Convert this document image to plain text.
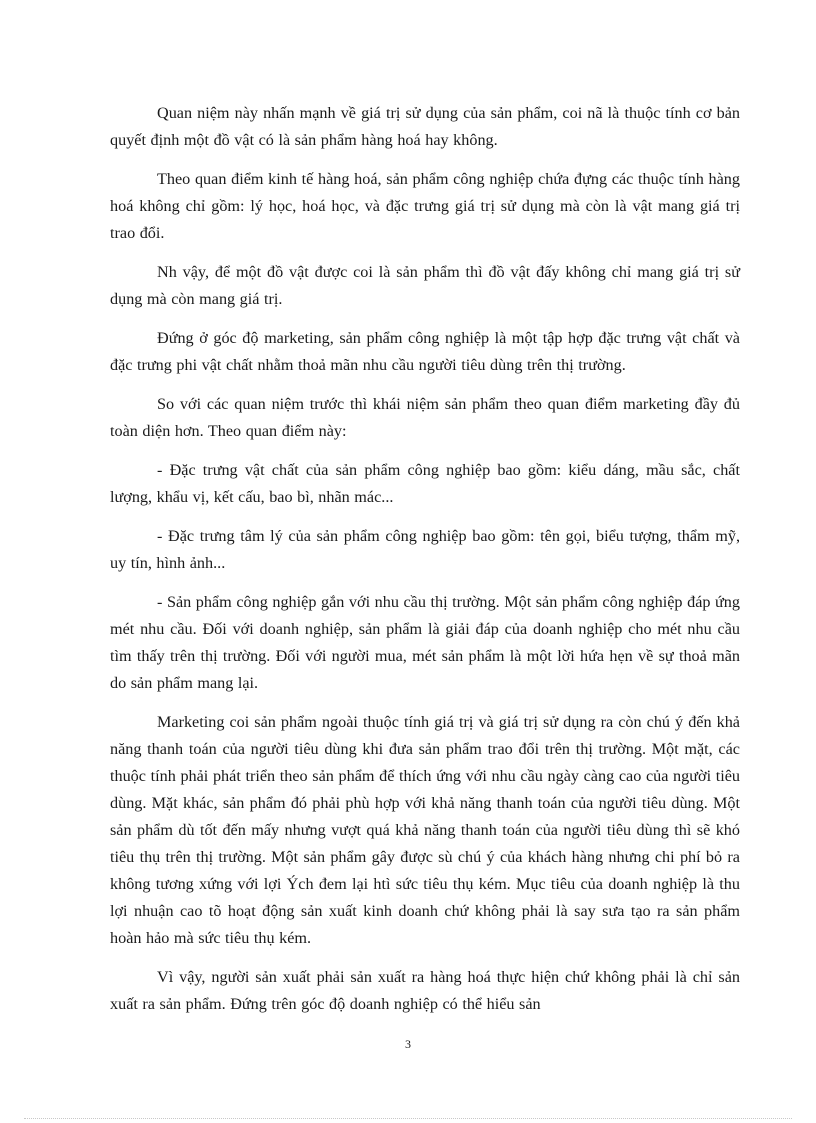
Quan niệm này nhấn mạnh về giá trị sử dụng của sản phẩm, coi nã là thuộc tính cơ bản quyết định một đồ vật có là sản phẩm hàng hoá hay không.

Theo quan điểm kinh tế hàng hoá, sản phẩm công nghiệp chứa đựng các thuộc tính hàng hoá không chỉ gồm: lý học, hoá học, và đặc trưng giá trị sử dụng mà còn là vật mang giá trị trao đổi.

Nh vậy, để một đồ vật được coi là sản phẩm thì đồ vật đấy không chỉ mang giá trị sử dụng mà còn mang giá trị.

Đứng ở góc độ marketing, sản phẩm công nghiệp là một tập hợp đặc trưng vật chất và đặc trưng phi vật chất nhằm thoả mãn nhu cầu người tiêu dùng trên thị trường.

So với các quan niệm trước thì khái niệm sản phẩm theo quan điểm marketing đầy đủ toàn diện hơn. Theo quan điểm này:

- Đặc trưng vật chất của sản phẩm công nghiệp bao gồm: kiểu dáng, mầu sắc, chất lượng, khẩu vị, kết cấu, bao bì, nhãn mác...

- Đặc trưng tâm lý của sản phẩm công nghiệp bao gồm: tên gọi, biểu tượng, thẩm mỹ, uy tín, hình ảnh...

- Sản phẩm công nghiệp gắn với nhu cầu thị trường. Một sản phẩm công nghiệp đáp ứng mét nhu cầu. Đối với doanh nghiệp, sản phẩm là giải đáp của doanh nghiệp cho mét nhu cầu tìm thấy trên thị trường. Đối với người mua, mét sản phẩm là một lời hứa hẹn về sự thoả mãn do sản phẩm mang lại.

Marketing coi sản phẩm ngoài thuộc tính giá trị và giá trị sử dụng ra còn chú ý đến khả năng thanh toán của người tiêu dùng khi đưa sản phẩm trao đổi trên thị trường. Một mặt, các thuộc tính phải phát triển theo sản phẩm để thích ứng với nhu cầu ngày càng cao của người tiêu dùng. Mặt khác, sản phẩm đó phải phù hợp với khả năng thanh toán của người tiêu dùng. Một sản phẩm dù tốt đến mấy nhưng vượt quá khả năng thanh toán của người tiêu dùng thì sẽ khó tiêu thụ trên thị trường. Một sản phẩm gây được sù chú ý của khách hàng nhưng chi phí bỏ ra không tương xứng với lợi Ých đem lại htì sức tiêu thụ kém. Mục tiêu của doanh nghiệp là thu lợi nhuận cao tõ hoạt động sản xuất kinh doanh chứ không phải là say sưa tạo ra sản phẩm hoàn hảo mà sức tiêu thụ kém.

Vì vậy, người sản xuất phải sản xuất ra hàng hoá thực hiện chứ không phải là chỉ sản xuất ra sản phẩm. Đứng trên góc độ doanh nghiệp có thể hiểu sản

3
